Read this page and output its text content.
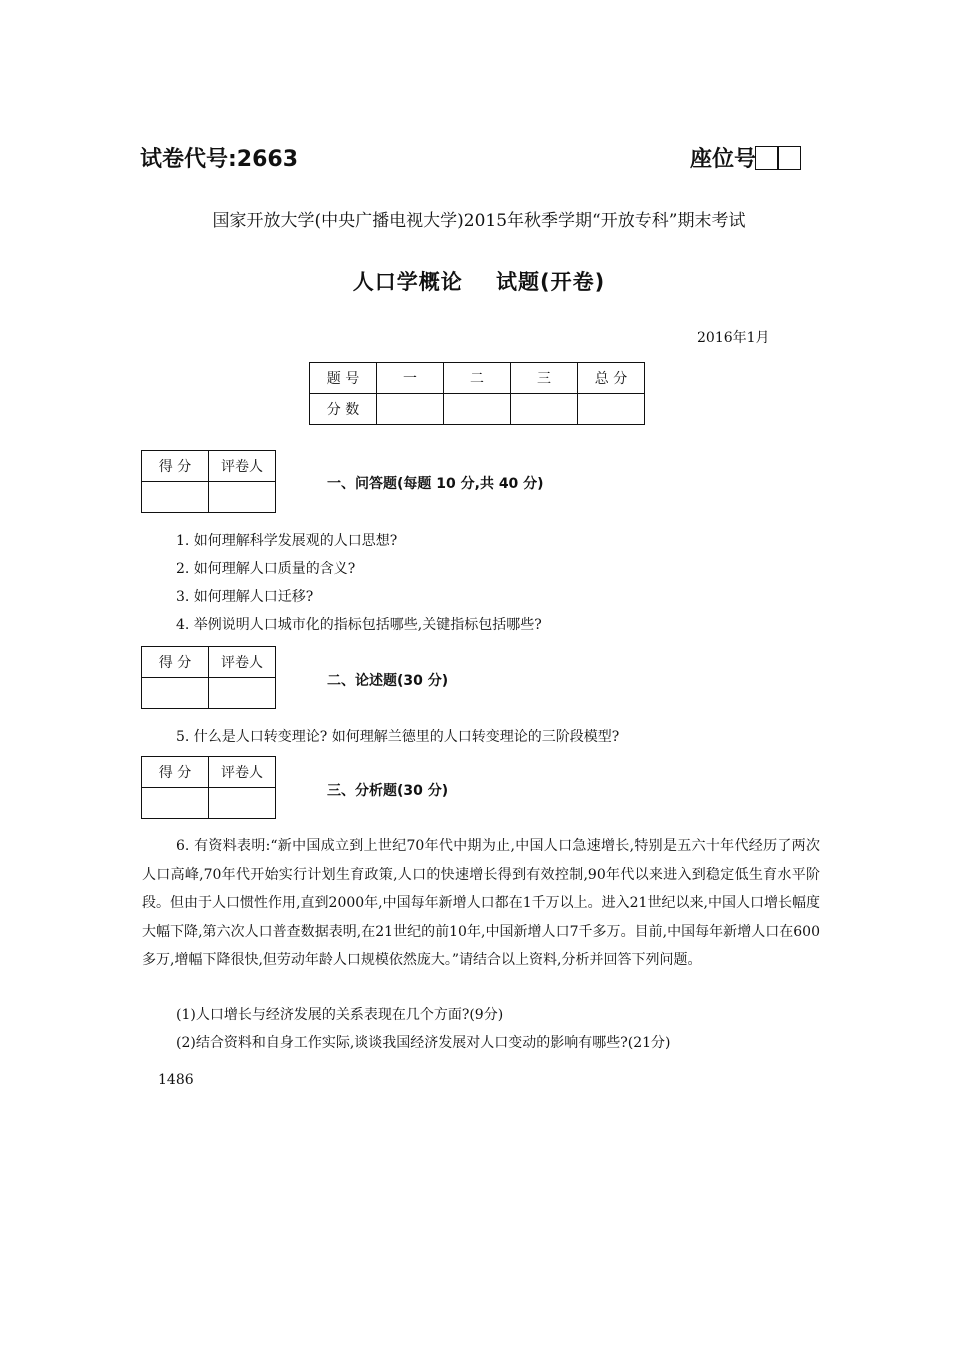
试卷代号:2663	座位号
国家开放大学(中央广播电视大学)2015年秋季学期“开放专科”期末考试
人口学概论    试题(开卷)
2016年1月
题 号	一	二	三	总 分
分 数				
得 分	评卷人

一、问答题(每题 10 分,共 40 分)
1. 如何理解科学发展观的人口思想?
2. 如何理解人口质量的含义?
3. 如何理解人口迁移?
4. 举例说明人口城市化的指标包括哪些,关键指标包括哪些?
得 分	评卷人

二、论述题(30 分)
5. 什么是人口转变理论? 如何理解兰德里的人口转变理论的三阶段模型?
得 分	评卷人

三、分析题(30 分)
6. 有资料表明:“新中国成立到上世纪70年代中期为止,中国人口急速增长,特别是五六十年代经历了两次人口高峰,70年代开始实行计划生育政策,人口的快速增长得到有效控制,90年代以来进入到稳定低生育水平阶段。但由于人口惯性作用,直到2000年,中国每年新增人口都在1千万以上。进入21世纪以来,中国人口增长幅度大幅下降,第六次人口普查数据表明,在21世纪的前10年,中国新增人口7千多万。目前,中国每年新增人口在600多万,增幅下降很快,但劳动年龄人口规模依然庞大。”请结合以上资料,分析并回答下列问题。
(1)人口增长与经济发展的关系表现在几个方面?(9分)
(2)结合资料和自身工作实际,谈谈我国经济发展对人口变动的影响有哪些?(21分)
1486
